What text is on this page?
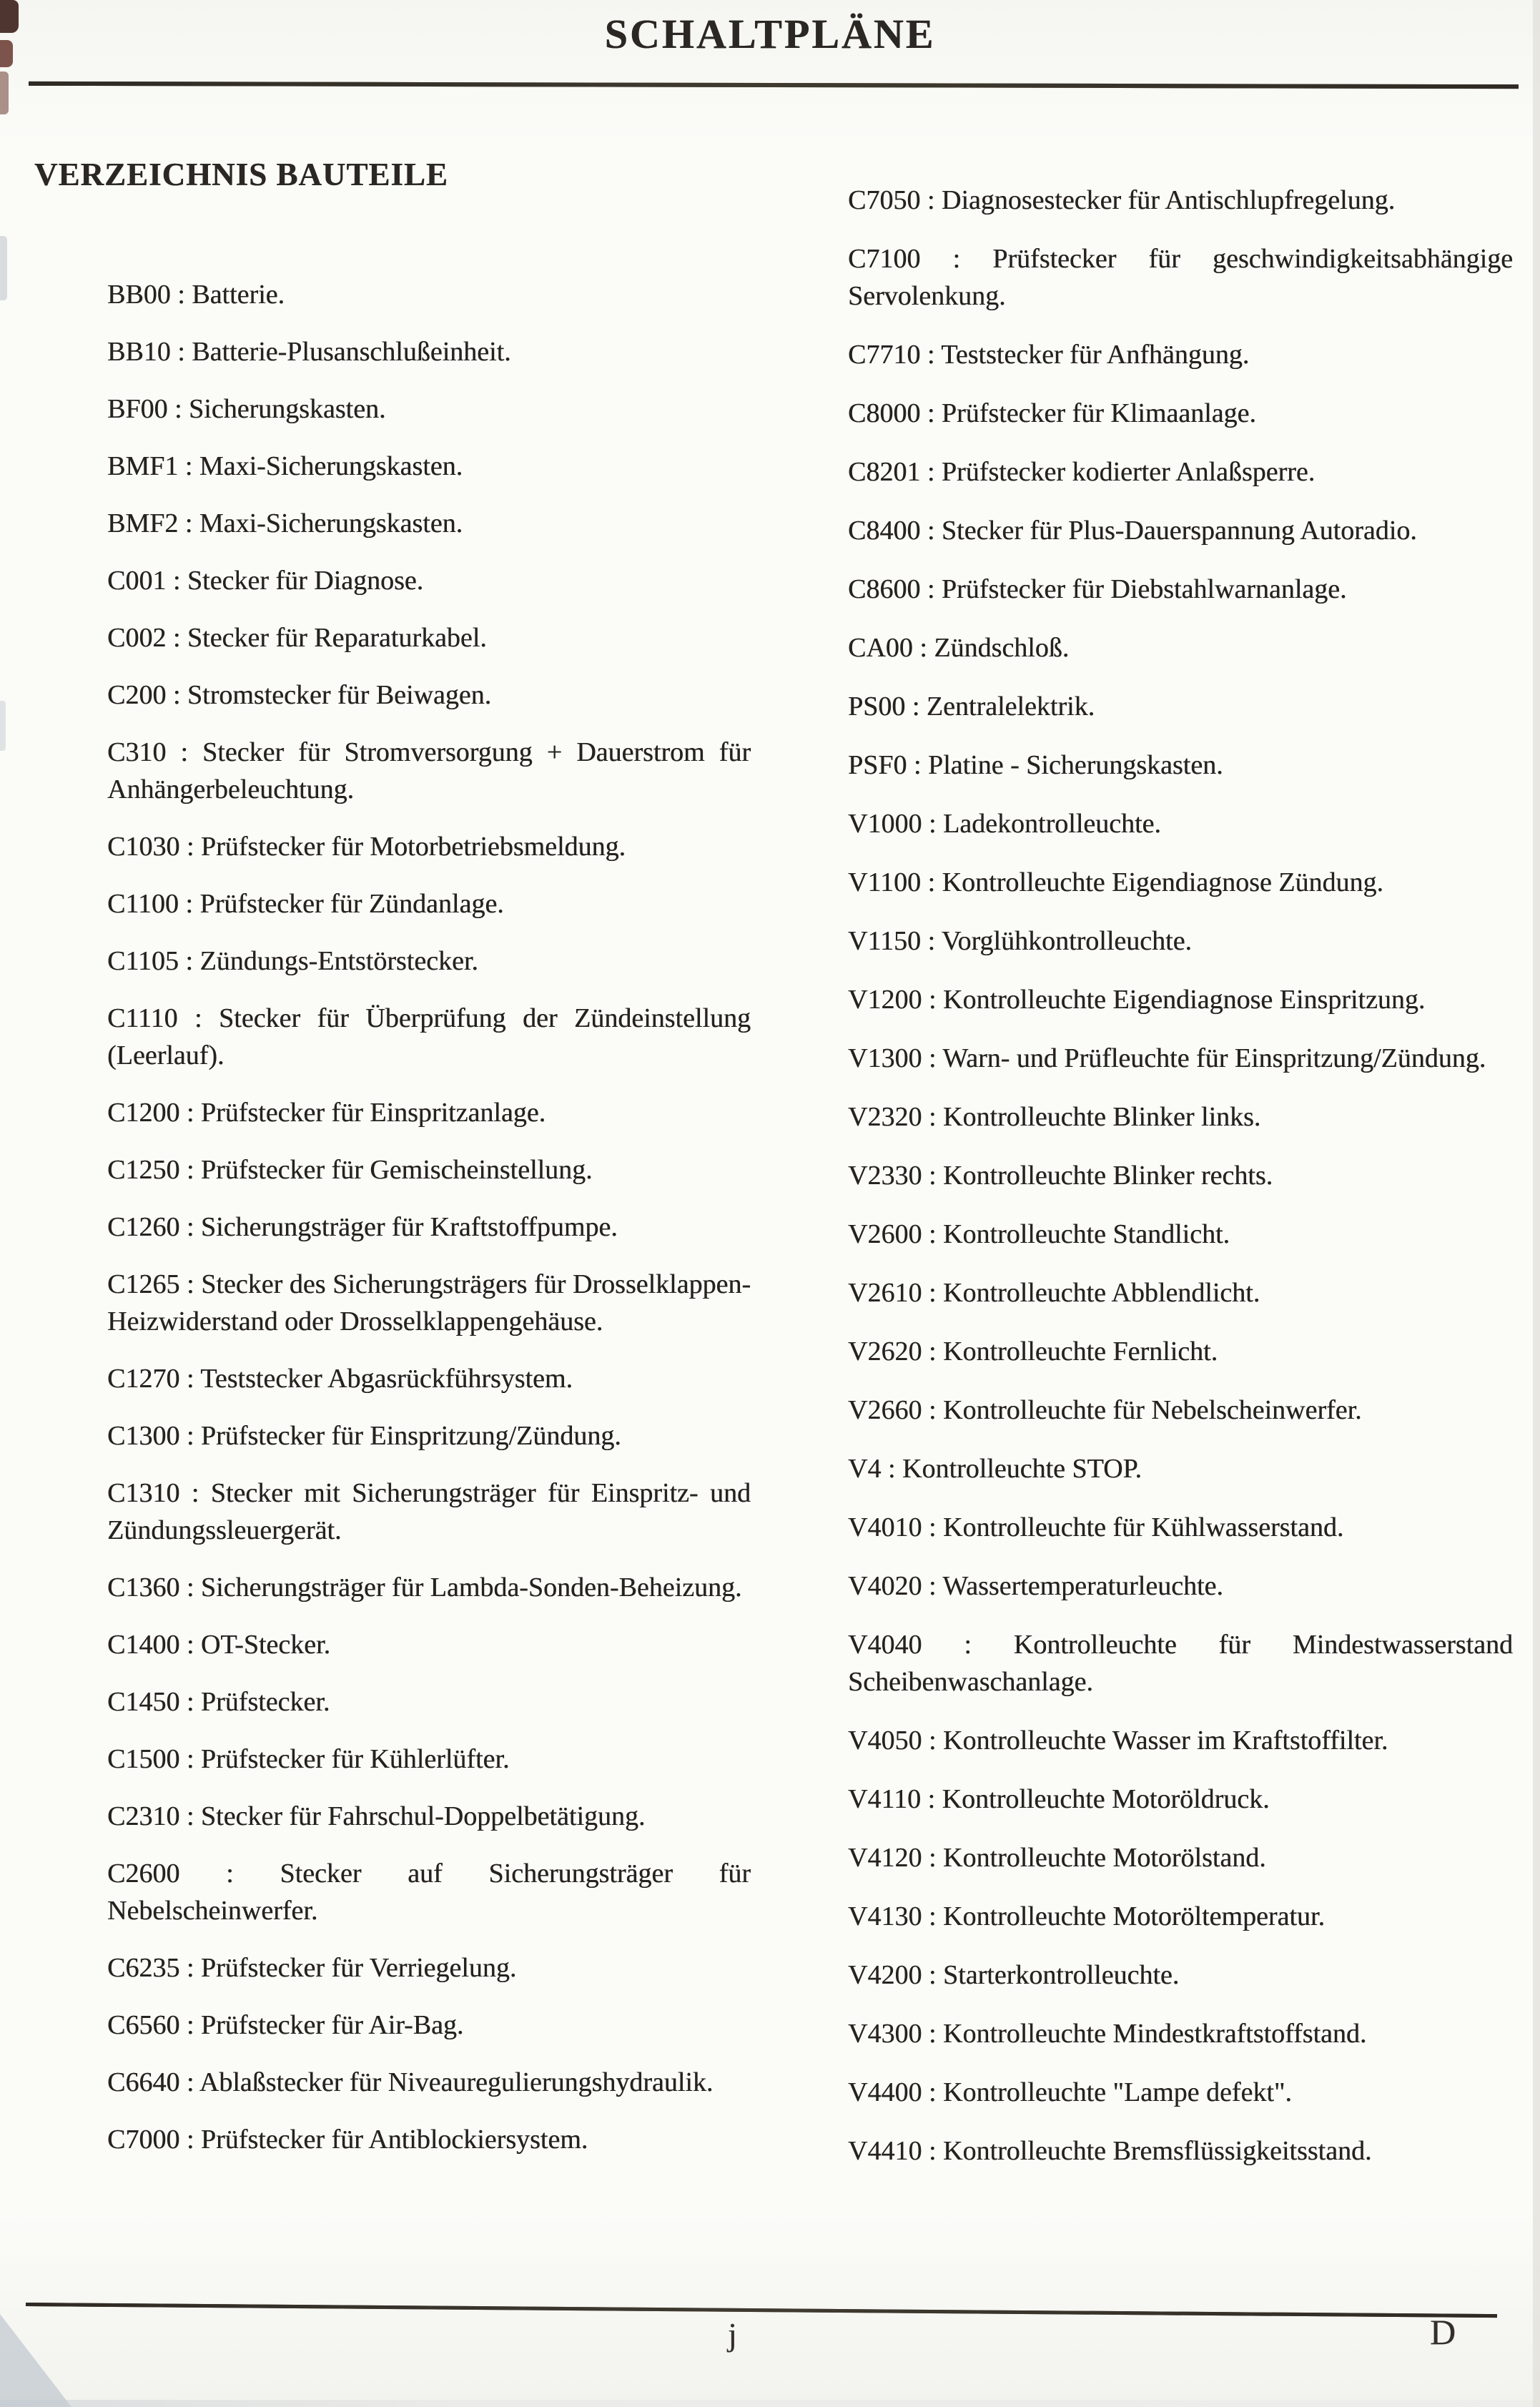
SCHALTPLÄNE
VERZEICHNIS BAUTEILE

BB00 : Batterie.

BB10 : Batterie-Plusanschlußeinheit.

BF00 : Sicherungskasten.

BMF1 : Maxi-Sicherungskasten.

BMF2 : Maxi-Sicherungskasten.

C001 : Stecker für Diagnose.

C002 : Stecker für Reparaturkabel.

C200 : Stromstecker für Beiwagen.

C310 : Stecker für Stromversorgung + Dauerstrom für Anhängerbeleuchtung.

C1030 : Prüfstecker für Motorbetriebsmeldung.

C1100 : Prüfstecker für Zündanlage.

C1105 : Zündungs-Entstörstecker.

C1110 : Stecker für Überprüfung der Zündeinstellung (Leerlauf).

C1200 : Prüfstecker für Einspritzanlage.

C1250 : Prüfstecker für Gemischeinstellung.

C1260 : Sicherungsträger für Kraftstoffpumpe.

C1265 : Stecker des Sicherungsträgers für Drosselklappen-Heizwiderstand oder Drosselklappengehäuse.

C1270 : Teststecker Abgasrückführsystem.

C1300 : Prüfstecker für Einspritzung/Zündung.

C1310 : Stecker mit Sicherungsträger für Einspritz- und Zündungssleuergerät.

C1360 : Sicherungsträger für Lambda-Sonden-Beheizung.

C1400 : OT-Stecker.

C1450 : Prüfstecker.

C1500 : Prüfstecker für Kühlerlüfter.

C2310 : Stecker für Fahrschul-Doppelbetätigung.

C2600 : Stecker auf Sicherungsträger für Nebelscheinwerfer.

C6235 : Prüfstecker für Verriegelung.

C6560 : Prüfstecker für Air-Bag.

C6640 : Ablaßstecker für Niveauregulierungshydraulik.

C7000 : Prüfstecker für Antiblockiersystem.

C7050 : Diagnosestecker für Antischlupfregelung.

C7100 : Prüfstecker für geschwindigkeitsabhängige Servolenkung.

C7710 : Teststecker für Anfhängung.

C8000 : Prüfstecker für Klimaanlage.

C8201 : Prüfstecker kodierter Anlaßsperre.

C8400 : Stecker für Plus-Dauerspannung Autoradio.

C8600 : Prüfstecker für Diebstahlwarnanlage.

CA00 : Zündschloß.

PS00 : Zentralelektrik.

PSF0 : Platine - Sicherungskasten.

V1000 : Ladekontrolleuchte.

V1100 : Kontrolleuchte Eigendiagnose Zündung.

V1150 : Vorglühkontrolleuchte.

V1200 : Kontrolleuchte Eigendiagnose Einspritzung.

V1300 : Warn- und Prüfleuchte für Einspritzung/Zündung.

V2320 : Kontrolleuchte Blinker links.

V2330 : Kontrolleuchte Blinker rechts.

V2600 : Kontrolleuchte Standlicht.

V2610 : Kontrolleuchte Abblendlicht.

V2620 : Kontrolleuchte Fernlicht.

V2660 : Kontrolleuchte für Nebelscheinwerfer.

V4 : Kontrolleuchte STOP.

V4010 : Kontrolleuchte für Kühlwasserstand.

V4020 : Wassertemperaturleuchte.

V4040 : Kontrolleuchte für Mindestwasserstand Scheibenwaschanlage.

V4050 : Kontrolleuchte Wasser im Kraftstoffilter.

V4110 : Kontrolleuchte Motoröldruck.

V4120 : Kontrolleuchte Motorölstand.

V4130 : Kontrolleuchte Motoröltemperatur.

V4200 : Starterkontrolleuchte.

V4300 : Kontrolleuchte Mindestkraftstoffstand.

V4400 : Kontrolleuchte "Lampe defekt".

V4410 : Kontrolleuchte Bremsflüssigkeitsstand.

j	D
